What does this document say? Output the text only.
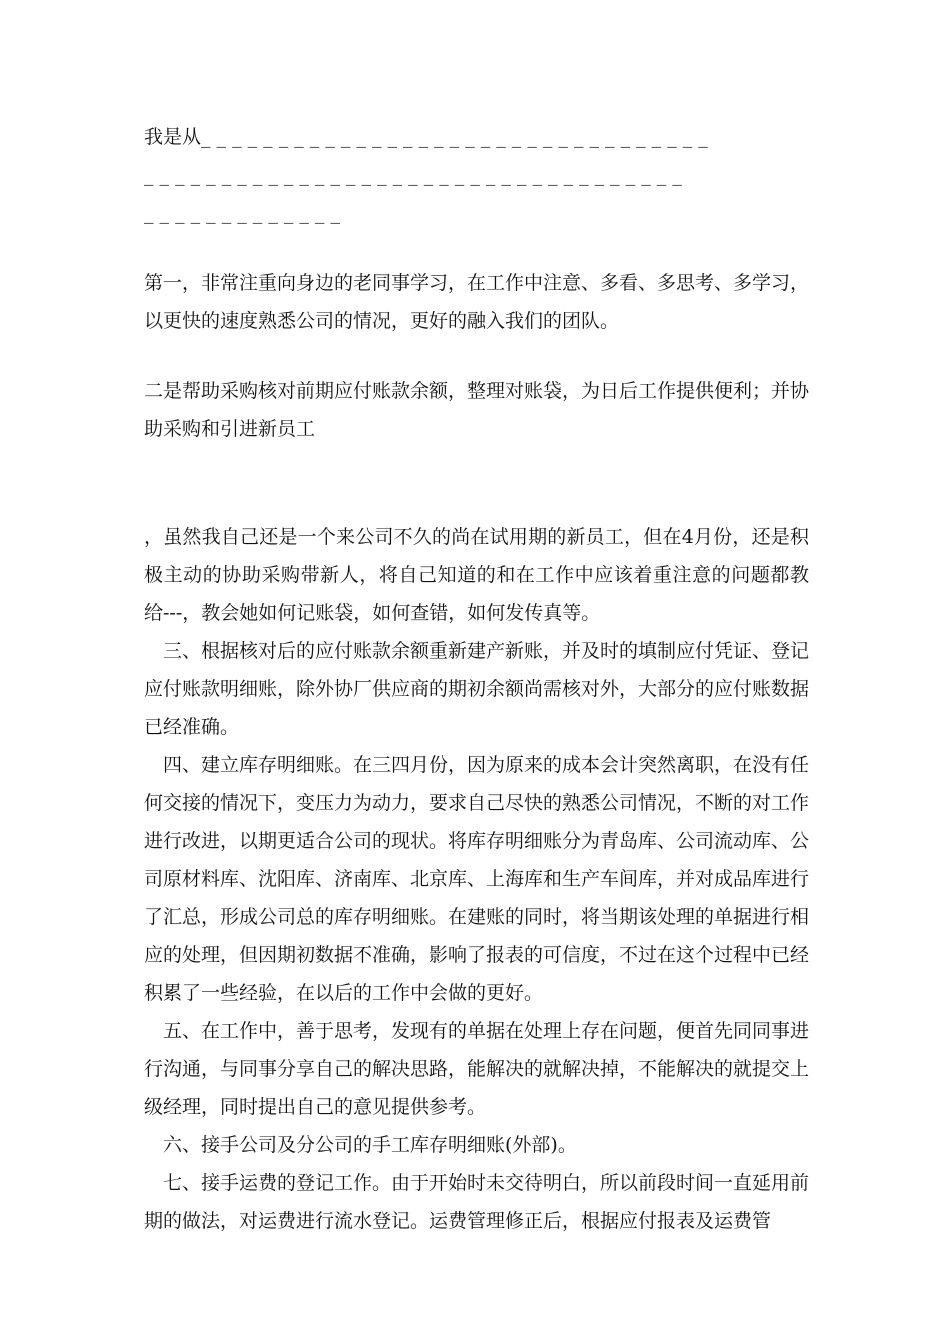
我是从_ _ _ _ _ _ _ _ _ _ _ _ _ _ _ _ _ _ _ _ _ _ _ _ _ _ _ _ _ _ _ _ _

_ _ _ _ _ _ _ _ _ _ _ _ _ _ _ _ _ _ _ _ _ _ _ _ _ _ _ _ _ _ _ _ _ _ _

_ _ _ _ _ _ _ _ _ _ _ _ _

第一，非常注重向身边的老同事学习，在工作中注意、多看、多思考、多学习，以更快的速度熟悉公司的情况，更好的融入我们的团队。

二是帮助采购核对前期应付账款余额，整理对账袋，为日后工作提供便利；并协助采购和引进新员工

，虽然我自己还是一个来公司不久的尚在试用期的新员工，但在4月份，还是积极主动的协助采购带新人，将自己知道的和在工作中应该着重注意的问题都教给---，教会她如何记账袋，如何查错，如何发传真等。

三、根据核对后的应付账款余额重新建产新账，并及时的填制应付凭证、登记应付账款明细账，除外协厂供应商的期初余额尚需核对外，大部分的应付账数据已经准确。

四、建立库存明细账。在三四月份，因为原来的成本会计突然离职，在没有任何交接的情况下，变压力为动力，要求自己尽快的熟悉公司情况，不断的对工作进行改进，以期更适合公司的现状。将库存明细账分为青岛库、公司流动库、公司原材料库、沈阳库、济南库、北京库、上海库和生产车间库，并对成品库进行了汇总，形成公司总的库存明细账。在建账的同时，将当期该处理的单据进行相应的处理，但因期初数据不准确，影响了报表的可信度，不过在这个过程中已经积累了一些经验，在以后的工作中会做的更好。

五、在工作中，善于思考，发现有的单据在处理上存在问题，便首先同同事进行沟通，与同事分享自己的解决思路，能解决的就解决掉，不能解决的就提交上级经理，同时提出自己的意见提供参考。

六、接手公司及分公司的手工库存明细账(外部)。

七、接手运费的登记工作。由于开始时未交待明白，所以前段时间一直延用前期的做法，对运费进行流水登记。运费管理修正后，根据应付报表及运费管
